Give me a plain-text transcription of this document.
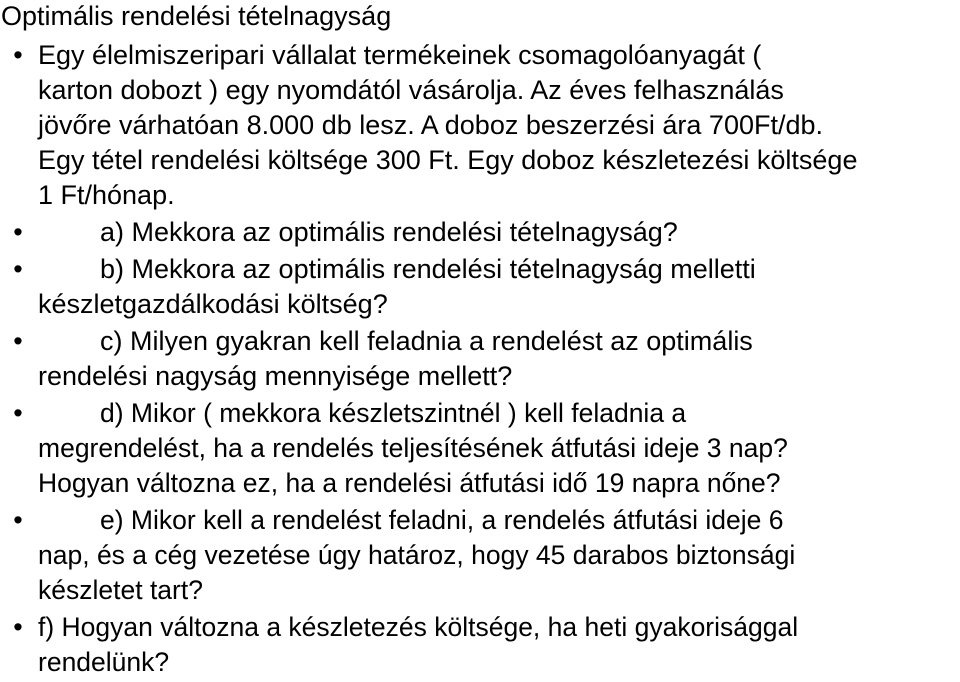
Optimális rendelési tételnagyság
• Egy élelmiszeripari vállalat termékeinek csomagolóanyagát (
karton dobozt ) egy nyomdától vásárolja. Az éves felhasználás
jövőre várhatóan 8.000 db lesz. A doboz beszerzési ára 700Ft/db.
Egy tétel rendelési költsége 300 Ft. Egy doboz készletezési költsége
1 Ft/hónap.
•	a) Mekkora az optimális rendelési tételnagyság?
•	b) Mekkora az optimális rendelési tételnagyság melletti
készletgazdálkodási költség?
•	c) Milyen gyakran kell feladnia a rendelést az optimális
rendelési nagyság mennyisége mellett?
•	d) Mikor ( mekkora készletszintnél ) kell feladnia a
megrendelést, ha a rendelés teljesítésének átfutási ideje 3 nap?
Hogyan változna ez, ha a rendelési átfutási idő 19 napra nőne?
•	e) Mikor kell a rendelést feladni, a rendelés átfutási ideje 6
nap, és a cég vezetése úgy határoz, hogy 45 darabos biztonsági
készletet tart?
• f) Hogyan változna a készletezés költsége, ha heti gyakorisággal
rendelünk?
